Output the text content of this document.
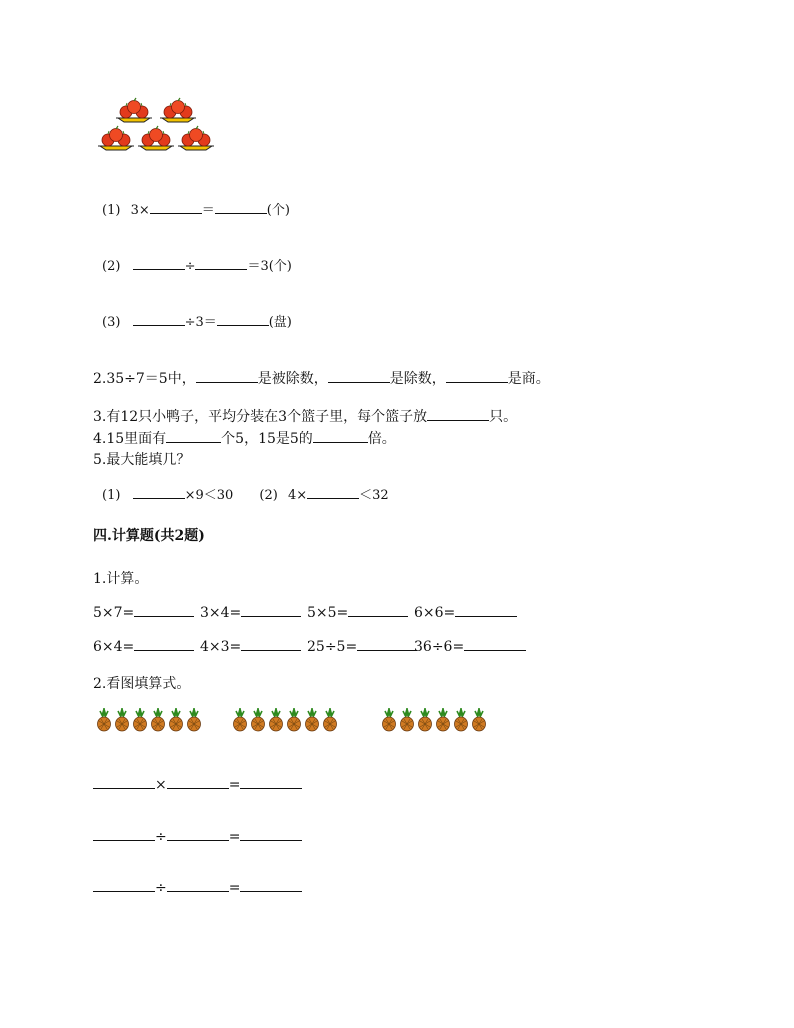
(1) 3×	＝	(个)
(2)	÷	＝3(个)
(3)	÷3＝	(盘)
2.35÷7＝5中，	是被除数，	是除数，	是商。
3.有12只小鸭子，平均分装在3个篮子里，每个篮子放	只。
4.15里面有	个5，15是5的	倍。
5.最大能填几？
(1)	×9＜30 (2) 4×	＜32
四.计算题(共2题)
1.计算。
5×7=	3×4=	5×5=	6×6=
6×4=	4×3=	25÷5=	36÷6=
2.看图填算式。
×	=
÷	=
÷	=
